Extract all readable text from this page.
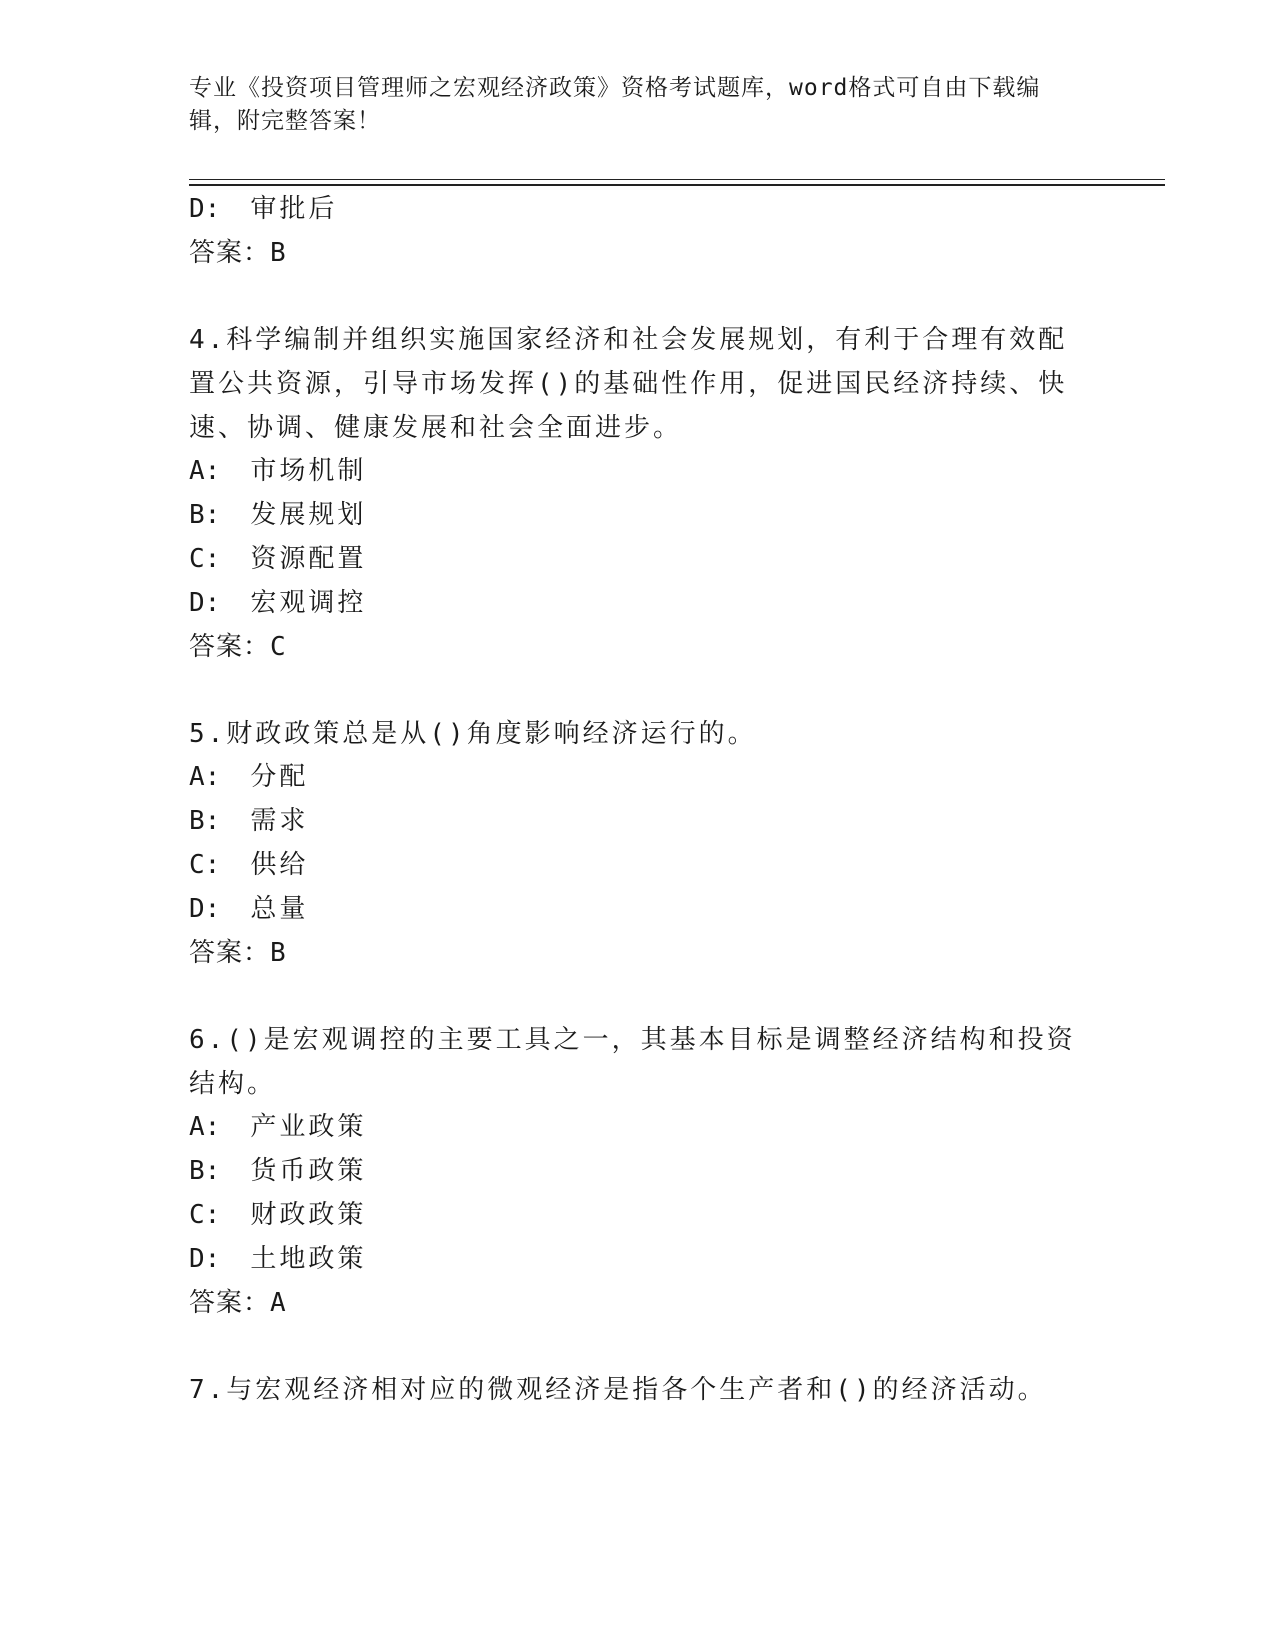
专业《投资项目管理师之宏观经济政策》资格考试题库，word格式可自由下载编
辑，附完整答案！
D: 审批后
答案：B
4.科学编制并组织实施国家经济和社会发展规划，有利于合理有效配
置公共资源，引导市场发挥()的基础性作用，促进国民经济持续、快
速、协调、健康发展和社会全面进步。
A: 市场机制
B: 发展规划
C: 资源配置
D: 宏观调控
答案：C
5.财政政策总是从()角度影响经济运行的。
A: 分配
B: 需求
C: 供给
D: 总量
答案：B
6.()是宏观调控的主要工具之一，其基本目标是调整经济结构和投资
结构。
A: 产业政策
B: 货币政策
C: 财政政策
D: 土地政策
答案：A
7.与宏观经济相对应的微观经济是指各个生产者和()的经济活动。
